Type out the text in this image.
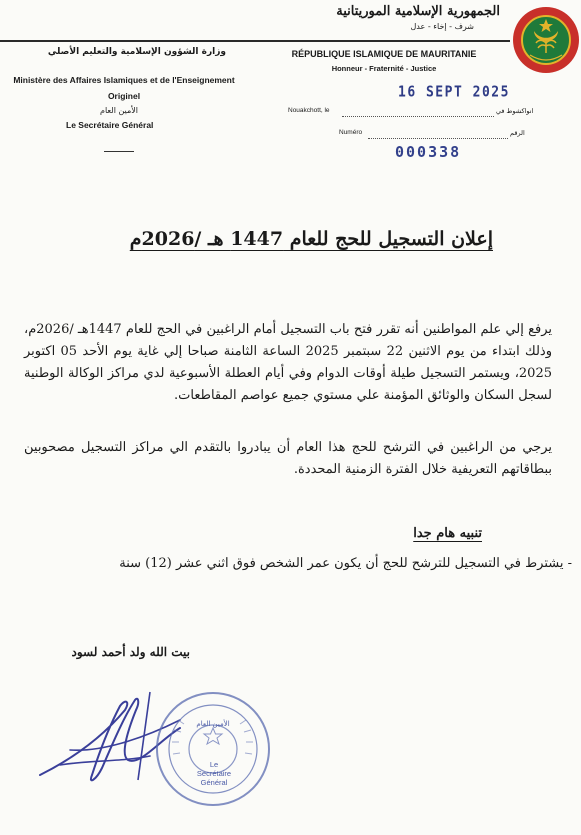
الجمهورية الإسلامية الموريتانية
شرف - إخاء - عدل
وزارة الشؤون الإسلامية والتعليم الأصلي
Ministère des Affaires Islamiques et de l'Enseignement Originel
الأمين العام
Le Secrétaire Général
RÉPUBLIQUE ISLAMIQUE DE MAURITANIE
Honneur - Fraternité - Justice
Nouakchott, le	انواكشوط في
16 SEPT 2025
Numéro	الرقم
000338
إعلان التسجيل للحج للعام 1447 هـ /2026م
يرفع إلي علم المواطنين أنه تقرر فتح باب التسجيل أمام الراغبين في الحج للعام 1447هـ /2026م، وذلك ابتداء من يوم الاثنين 22 سبتمبر 2025 الساعة الثامنة صباحا إلي غاية يوم الأحد 05 اكتوبر 2025، ويستمر التسجيل طيلة أوقات الدوام وفي أيام العطلة الأسبوعية لدي مراكز الوكالة الوطنية لسجل السكان والوثائق المؤمنة علي مستوي جميع عواصم المقاطعات.
يرجي من الراغبين في الترشح للحج هذا العام أن يبادروا بالتقدم الي مراكز التسجيل مصحوبين ببطاقاتهم التعريفية خلال الفترة الزمنية المحددة.
تنبيه هام جدا
- يشترط في التسجيل للترشح للحج أن يكون عمر الشخص فوق اثني عشر (12) سنة
بيت الله ولد أحمد لسود
الأمين العام
Le Secrétaire Général
